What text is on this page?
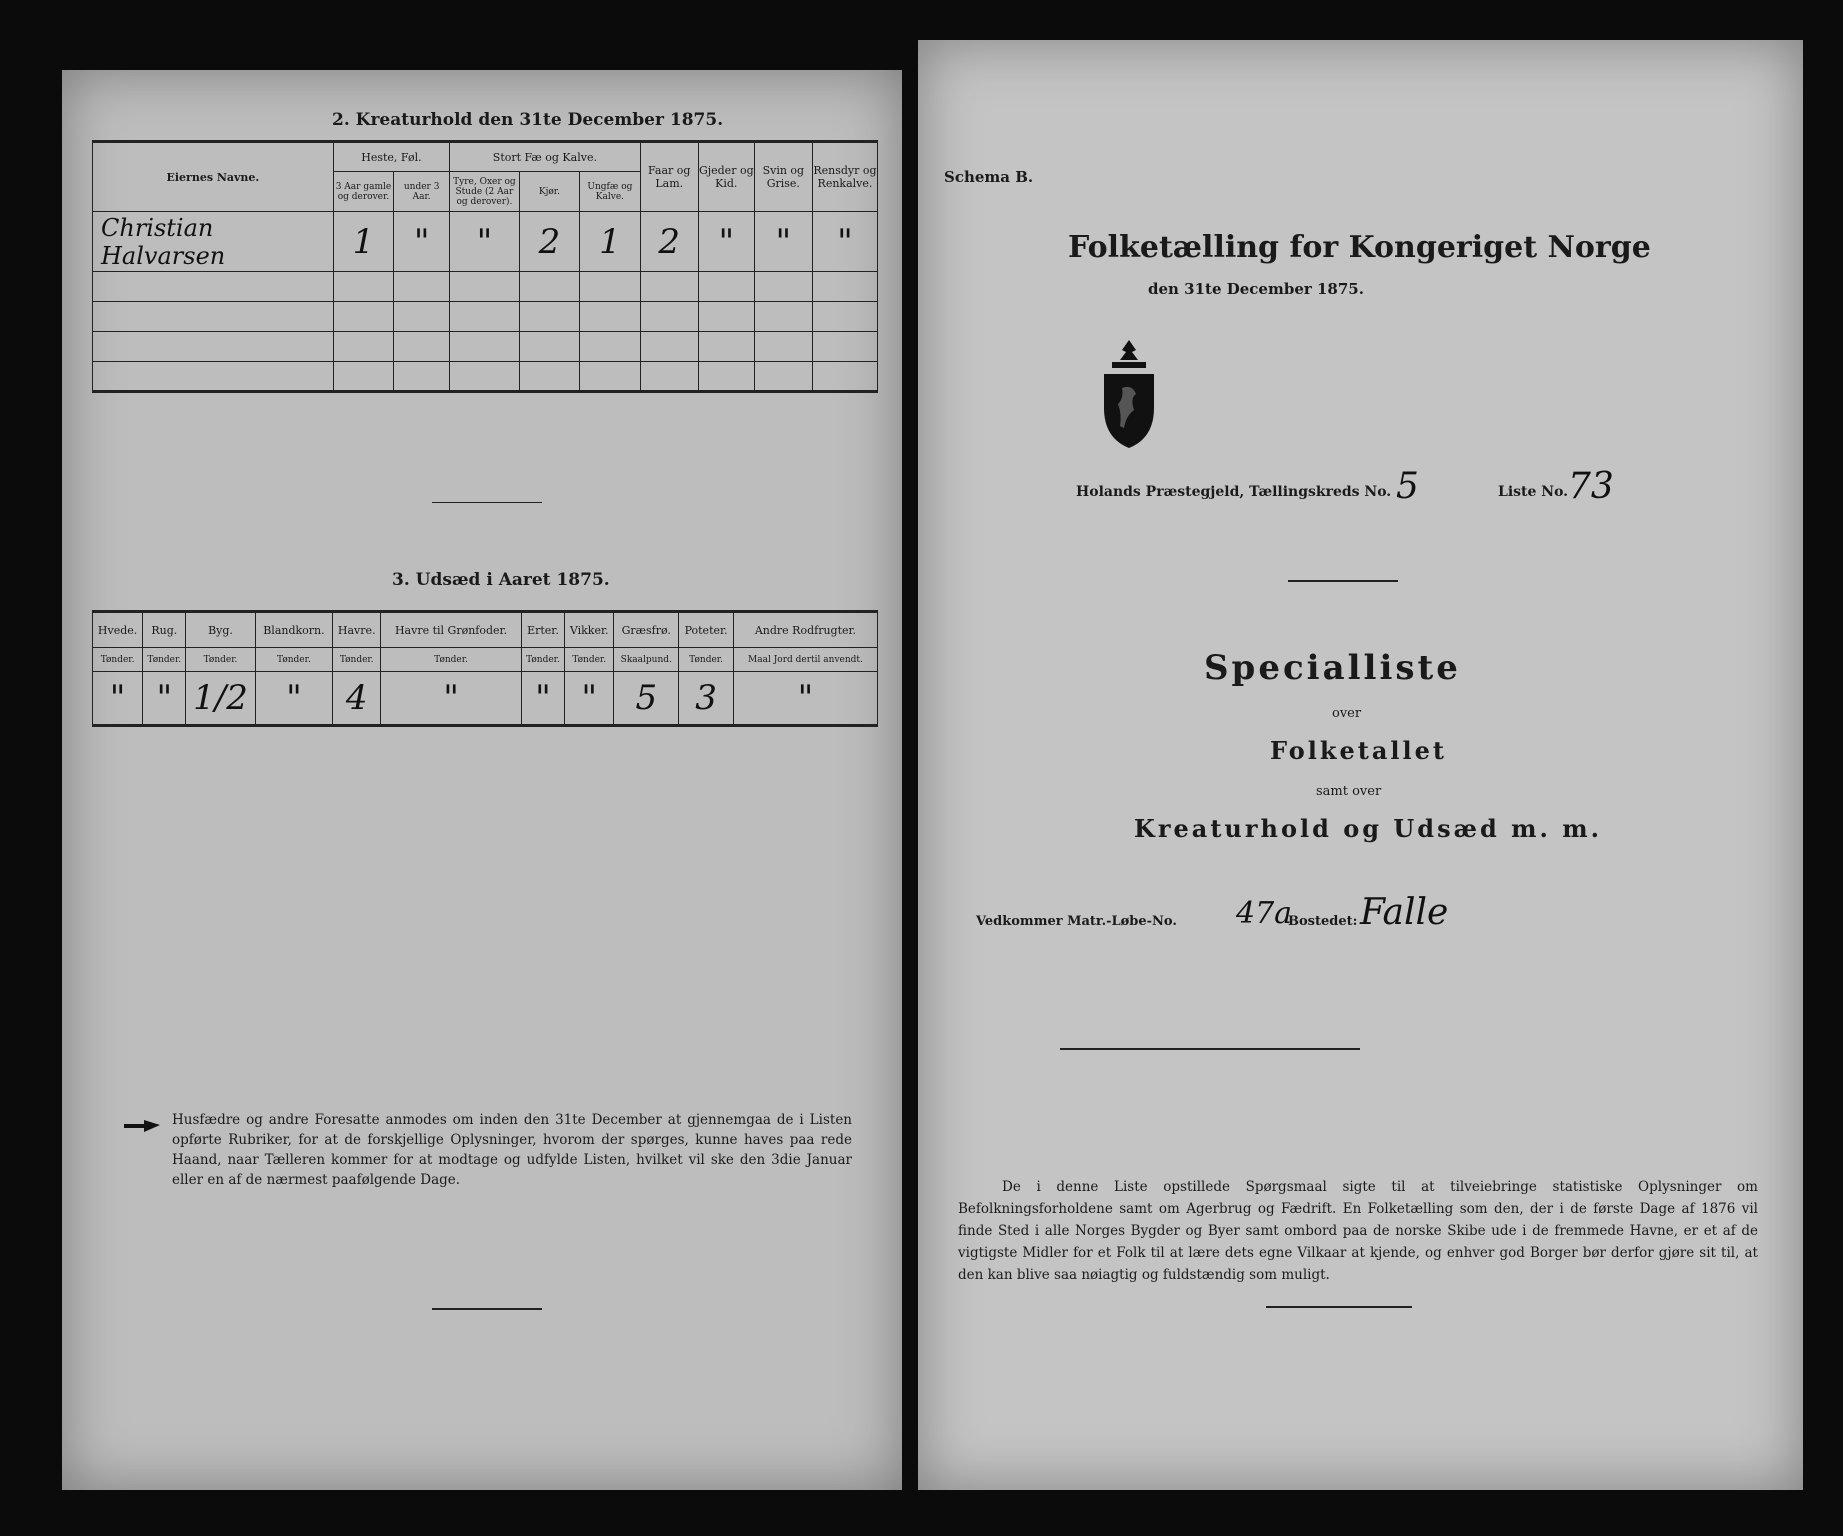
2. Kreaturhold den 31te December 1875.
Eiernes Navne.	Heste, Føl.		Stort Fæ og Kalve.			Faar og Lam.	Gjeder og Kid.	Svin og Grise.	Rensdyr og Renkalve.
	3 Aar gamle og derover.	under 3 Aar.	Tyre, Oxer og Stude (2 Aar og derover).	Kjør.	Ungfæ og Kalve.				
Christian Halvarsen	1	"	"	2	1	2	"	"	"

3. Udsæd i Aaret 1875.
Hvede.	Rug.	Byg.	Blandkorn.	Havre.	Havre til Grønfoder.	Erter.	Vikker.	Græsfrø.	Poteter.	Andre Rodfrugter.
Tønder.	Tønder.	Tønder.	Tønder.	Tønder.	Tønder.	Tønder.	Tønder.	Skaalpund.	Tønder.	Maal Jord dertil anvendt.
"	"	1/2	"	4	"	"	"	5	3	"
Husfædre og andre Foresatte anmodes om inden den 31te December at gjennemgaa de i Listen opførte Rubriker, for at de forskjellige Oplysninger, hvorom der spørges, kunne haves paa rede Haand, naar Tælleren kommer for at modtage og udfylde Listen, hvilket vil ske den 3die Januar eller en af de nærmest paafølgende Dage.
Schema B.
Folketælling for Kongeriget Norge
den 31te December 1875.
Holands Præstegjeld, Tællingskreds No. 5	Liste No. 73
Specialliste
over
Folketallet
samt over
Kreaturhold og Udsæd m. m.
Vedkommer Matr.-Løbe-No. 47a
Bostedet: Falle
De i denne Liste opstillede Spørgsmaal sigte til at tilveiebringe statistiske Oplysninger om Befolkningsforholdene samt om Agerbrug og Fædrift. En Folketælling som den, der i de første Dage af 1876 vil finde Sted i alle Norges Bygder og Byer samt ombord paa de norske Skibe ude i de fremmede Havne, er et af de vigtigste Midler for et Folk til at lære dets egne Vilkaar at kjende, og enhver god Borger bør derfor gjøre sit til, at den kan blive saa nøiagtig og fuldstændig som muligt.
